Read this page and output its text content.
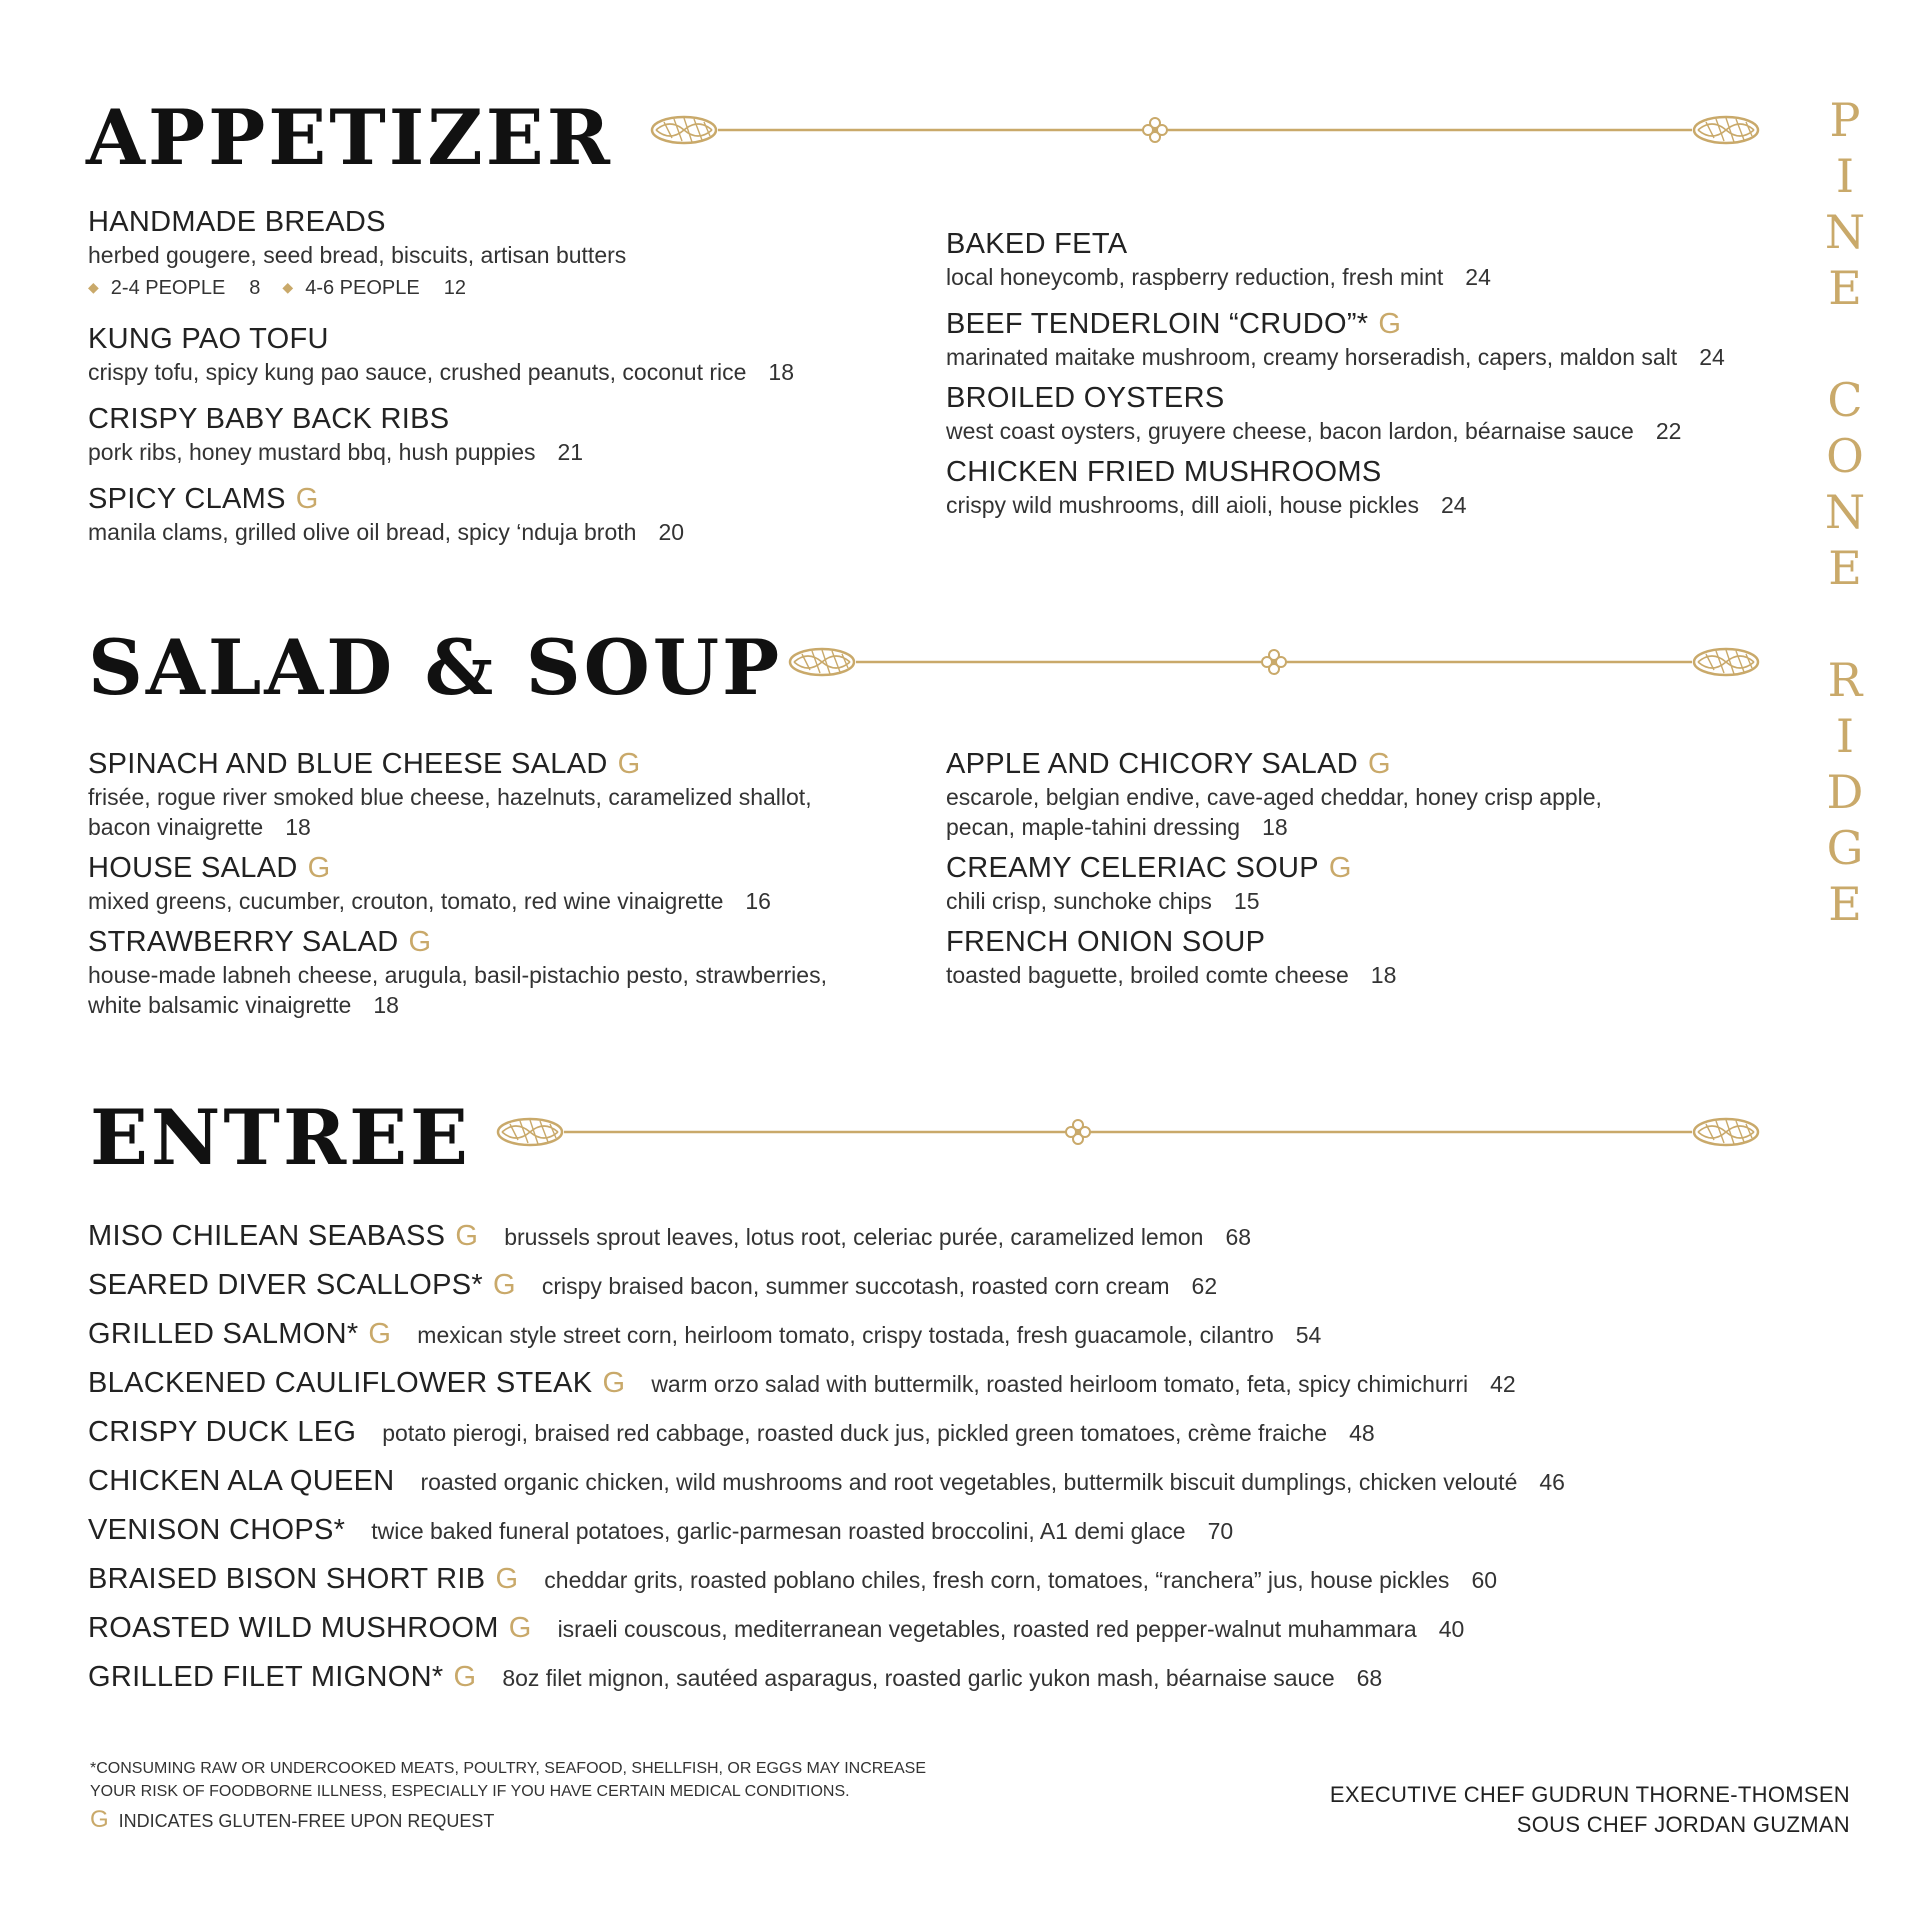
APPETIZER
HANDMADE BREADS
herbed gougere, seed bread, biscuits, artisan butters
◆ 2-4 PEOPLE 8 ◆ 4-6 PEOPLE 12
KUNG PAO TOFU
crispy tofu, spicy kung pao sauce, crushed peanuts, coconut rice 18
CRISPY BABY BACK RIBS
pork ribs, honey mustard bbq, hush puppies 21
SPICY CLAMS G
manila clams, grilled olive oil bread, spicy ‘nduja broth 20
BAKED FETA
local honeycomb, raspberry reduction, fresh mint 24
BEEF TENDERLOIN “CRUDO”* G
marinated maitake mushroom, creamy horseradish, capers, maldon salt 24
BROILED OYSTERS
west coast oysters, gruyere cheese, bacon lardon, béarnaise sauce 22
CHICKEN FRIED MUSHROOMS
crispy wild mushrooms, dill aioli, house pickles 24
SALAD & SOUP
SPINACH AND BLUE CHEESE SALAD G
frisée, rogue river smoked blue cheese, hazelnuts, caramelized shallot,
bacon vinaigrette 18
HOUSE SALAD G
mixed greens, cucumber, crouton, tomato, red wine vinaigrette 16
STRAWBERRY SALAD G
house-made labneh cheese, arugula, basil-pistachio pesto, strawberries,
white balsamic vinaigrette 18
APPLE AND CHICORY SALAD G
escarole, belgian endive, cave-aged cheddar, honey crisp apple,
pecan, maple-tahini dressing 18
CREAMY CELERIAC SOUP G
chili crisp, sunchoke chips 15
FRENCH ONION SOUP
toasted baguette, broiled comte cheese 18
ENTREE
MISO CHILEAN SEABASS G brussels sprout leaves, lotus root, celeriac purée, caramelized lemon 68
SEARED DIVER SCALLOPS* G crispy braised bacon, summer succotash, roasted corn cream 62
GRILLED SALMON* G mexican style street corn, heirloom tomato, crispy tostada, fresh guacamole, cilantro 54
BLACKENED CAULIFLOWER STEAK G warm orzo salad with buttermilk, roasted heirloom tomato, feta, spicy chimichurri 42
CRISPY DUCK LEG potato pierogi, braised red cabbage, roasted duck jus, pickled green tomatoes, crème fraiche 48
CHICKEN ALA QUEEN roasted organic chicken, wild mushrooms and root vegetables, buttermilk biscuit dumplings, chicken velouté 46
VENISON CHOPS* twice baked funeral potatoes, garlic-parmesan roasted broccolini, A1 demi glace 70
BRAISED BISON SHORT RIB G cheddar grits, roasted poblano chiles, fresh corn, tomatoes, “ranchera” jus, house pickles 60
ROASTED WILD MUSHROOM G israeli couscous, mediterranean vegetables, roasted red pepper-walnut muhammara 40
GRILLED FILET MIGNON* G 8oz filet mignon, sautéed asparagus, roasted garlic yukon mash, béarnaise sauce 68
P
I
N
E
C
O
N
E
R
I
D
G
E
*CONSUMING RAW OR UNDERCOOKED MEATS, POULTRY, SEAFOOD, SHELLFISH, OR EGGS MAY INCREASE
YOUR RISK OF FOODBORNE ILLNESS, ESPECIALLY IF YOU HAVE CERTAIN MEDICAL CONDITIONS.
G INDICATES GLUTEN-FREE UPON REQUEST
EXECUTIVE CHEF GUDRUN THORNE-THOMSEN
SOUS CHEF JORDAN GUZMAN
